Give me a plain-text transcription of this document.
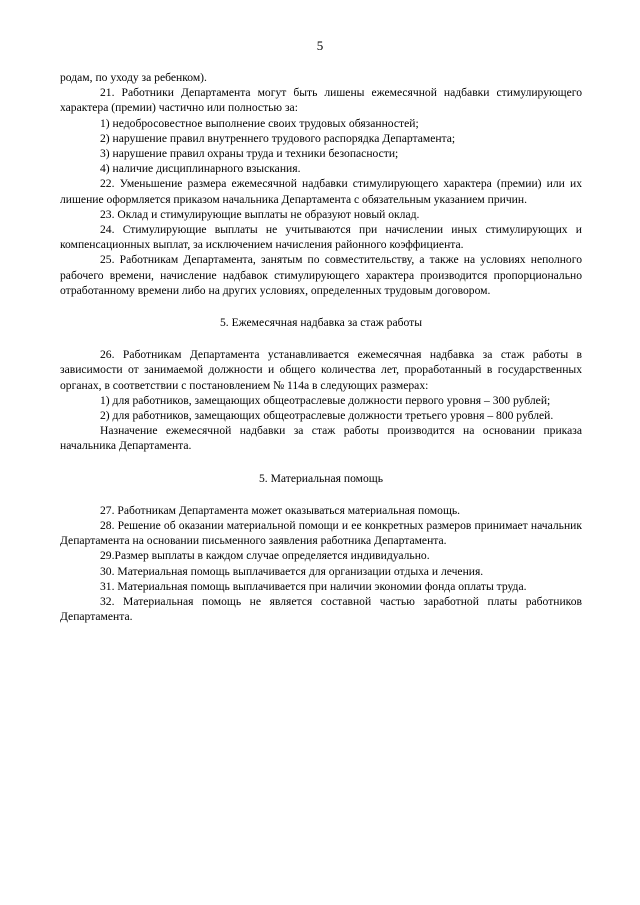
5

родам, по уходу за ребенком).

21. Работники Департамента могут быть лишены ежемесячной надбавки стимулирующего характера (премии) частично или полностью за:

1) недобросовестное выполнение своих трудовых обязанностей;

2) нарушение правил внутреннего трудового распорядка Департамента;

3) нарушение правил охраны труда и техники безопасности;

4) наличие дисциплинарного взыскания.

22. Уменьшение размера ежемесячной надбавки стимулирующего характера (премии) или их лишение оформляется приказом начальника Департамента с обязательным указанием причин.

23. Оклад и стимулирующие выплаты не образуют новый оклад.

24. Стимулирующие выплаты не учитываются при начислении иных стимулирующих и компенсационных выплат, за исключением начисления районного коэффициента.

25. Работникам Департамента, занятым по совместительству, а также на условиях неполного рабочего времени, начисление надбавок стимулирующего характера производится пропорционально отработанному времени либо на других условиях, определенных трудовым договором.

5. Ежемесячная надбавка за стаж работы

26. Работникам Департамента устанавливается ежемесячная надбавка за стаж работы в зависимости от занимаемой должности и общего количества лет, проработанный в государственных органах, в соответствии с постановлением № 114а в следующих размерах:

1) для работников, замещающих общеотраслевые должности первого уровня – 300 рублей;

2) для работников, замещающих общеотраслевые должности третьего уровня – 800 рублей.

Назначение ежемесячной надбавки за стаж работы производится на основании приказа начальника Департамента.

5. Материальная помощь

27. Работникам Департамента может оказываться материальная помощь.

28. Решение об оказании материальной помощи и ее конкретных размеров принимает начальник Департамента на основании письменного заявления работника Департамента.

29.Размер выплаты в каждом случае определяется индивидуально.

30. Материальная помощь выплачивается для организации отдыха и лечения.

31. Материальная помощь выплачивается при наличии экономии фонда оплаты труда.

32. Материальная помощь не является составной частью заработной платы работников Департамента.
